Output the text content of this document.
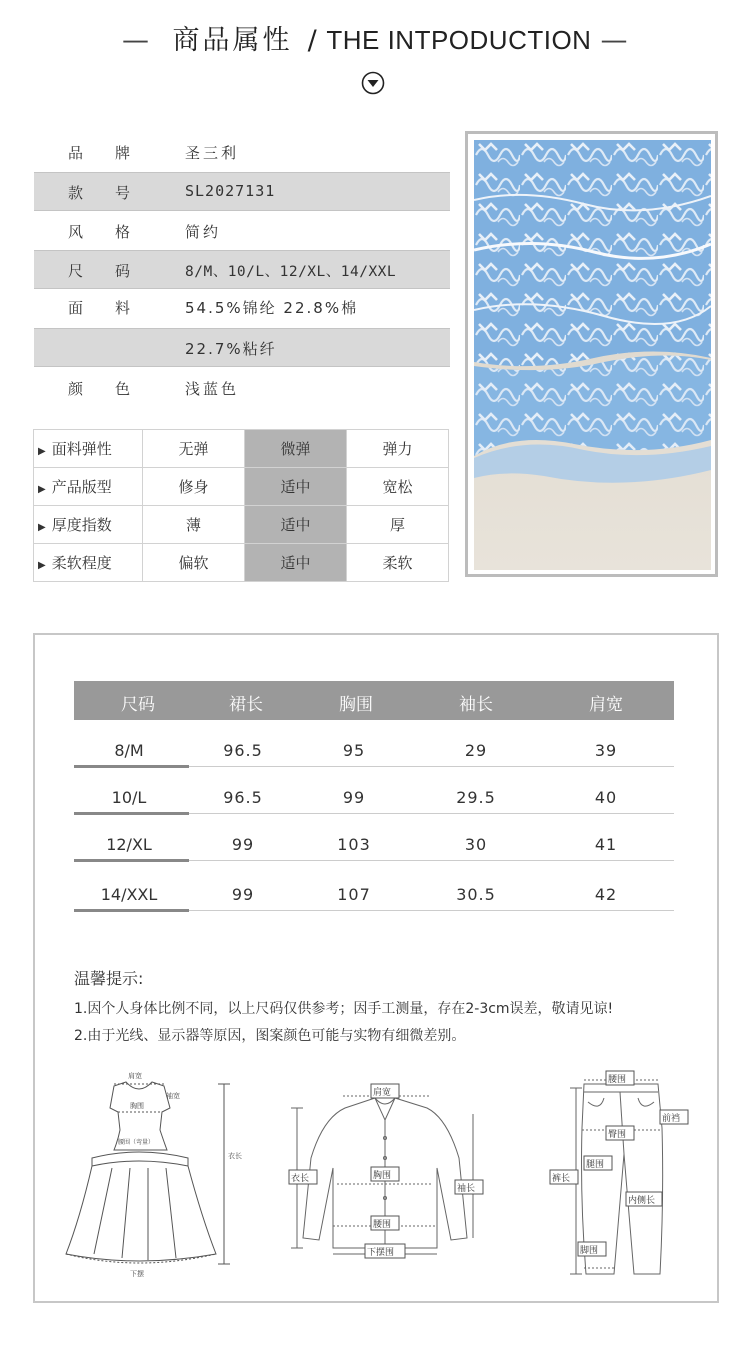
— 商品属性 / THE INTPODUCTION —
品 牌	圣三利
款 号	SL2027131
风 格	简约
尺 码	8/M、10/L、12/XL、14/XXL
面 料	54.5%锦纶 22.8%棉
22.7%粘纤
颜 色	浅蓝色
▶ 面料弹性	无弹	微弹	弹力
▶ 产品版型	修身	适中	宽松
▶ 厚度指数	薄	适中	厚
▶ 柔软程度	偏软	适中	柔软
尺码	裙长	胸围	袖长	肩宽
8/M	96.5	95	29	39
10/L	96.5	99	29.5	40
12/XL	99	103	30	41
14/XXL	99	107	30.5	42
温馨提示:
1.因个人身体比例不同，以上尺码仅供参考；因手工测量，存在2-3cm误差，敬请见谅!
2.由于光线、显示器等原因，图案颜色可能与实物有细微差别。
肩宽
袖宽
胸围
腰围（弯量）
衣长
下摆
肩宽
衣长	胸围
袖长
腰围
下摆围
腰围
前裆
臀围
腿围
裤长
内侧长
脚围
